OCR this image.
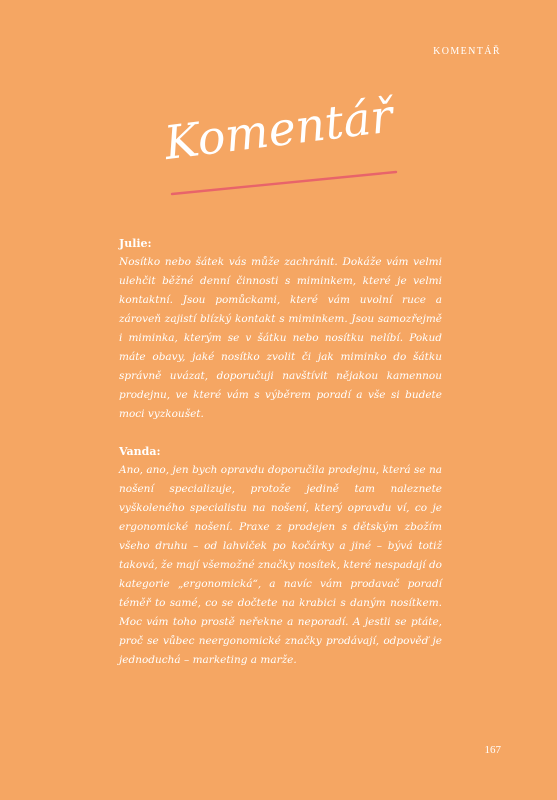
KOMENTÁŘ
Komentář
Julie:

Nosítko nebo šátek vás může zachránit. Dokáže vám velmi ulehčit běžné denní činnosti s miminkem, které je velmi kontaktní. Jsou pomůckami, které vám uvolní ruce a zároveň zajistí blízký kontakt s miminkem. Jsou samozřejmě i miminka, kterým se v šátku nebo nosítku nelíbí. Pokud máte obavy, jaké nosítko zvolit či jak miminko do šátku správně uvázat, doporučuji navštívit nějakou kamennou prodejnu, ve které vám s výběrem poradí a vše si budete moci vyzkoušet.

Vanda:

Ano, ano, jen bych opravdu doporučila prodejnu, která se na nošení specializuje, protože jedině tam naleznete vyškoleného specialistu na nošení, který opravdu ví, co je ergonomické nošení. Praxe z prodejen s dětským zbožím všeho druhu – od lahviček po kočárky a jiné – bývá totiž taková, že mají všemožné značky nosítek, které nespadají do kategorie „ergonomická“, a navíc vám prodavač poradí téměř to samé, co se dočtete na krabici s daným nosítkem. Moc vám toho prostě neřekne a neporadí. A jestli se ptáte, proč se vůbec neergonomické značky prodávají, odpověď je jednoduchá – marketing a marže.

167
